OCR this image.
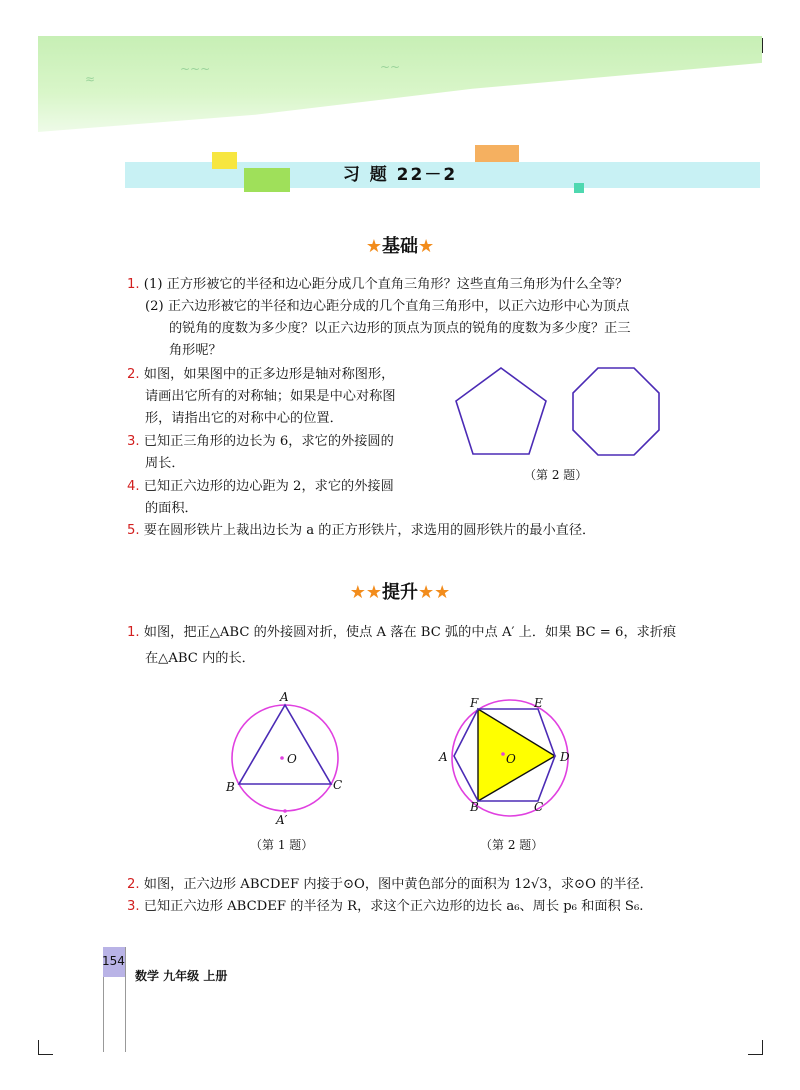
≈
~~~	~~
习 题 22－2
★基础★
1. (1) 正方形被它的半径和边心距分成几个直角三角形？这些直角三角形为什么全等？
(2) 正六边形被它的半径和边心距分成的几个直角三角形中，以正六边形中心为顶点
的锐角的度数为多少度？以正六边形的顶点为顶点的锐角的度数为多少度？正三
角形呢？
2. 如图，如果图中的正多边形是轴对称图形，
请画出它所有的对称轴；如果是中心对称图
形，请指出它的对称中心的位置．
3. 已知正三角形的边长为 6，求它的外接圆的
周长．
4. 已知正六边形的边心距为 2，求它的外接圆
的面积．
5. 要在圆形铁片上裁出边长为 a 的正方形铁片，求选用的圆形铁片的最小直径．
（第 2 题）
★★提升★★
1. 如图，把正△ABC 的外接圆对折，使点 A 落在 BC 弧的中点 A′ 上．如果 BC = 6，求折痕
在△ABC 内的长．
A
O
B	C
A′
（第 1 题）
F	E
A	O	D
B	C
（第 2 题）
2. 如图，正六边形 ABCDEF 内接于⊙O，图中黄色部分的面积为 12√3，求⊙O 的半径．
3. 已知正六边形 ABCDEF 的半径为 R，求这个正六边形的边长 a₆、周长 p₆ 和面积 S₆.
154
数学 九年级 上册
